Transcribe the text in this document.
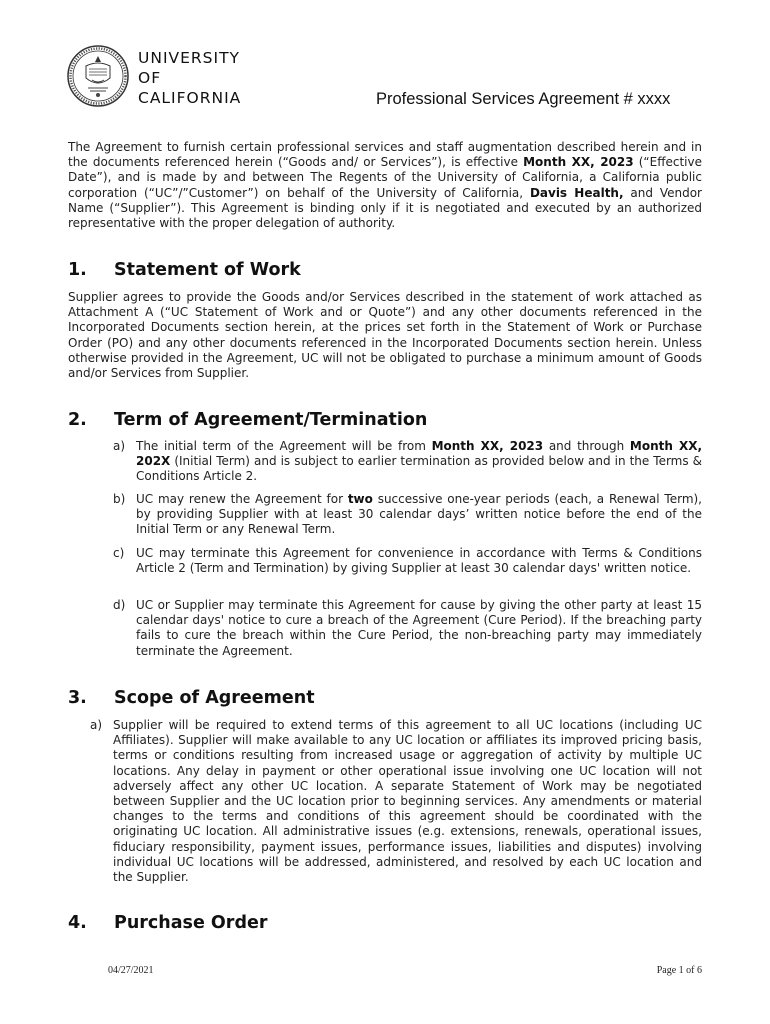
UNIVERSITY
OF
CALIFORNIA	Professional Services Agreement # xxxx
The Agreement to furnish certain professional services and staff augmentation described herein and in the documents referenced herein (“Goods and/ or Services”), is effective Month XX, 2023 (“Effective Date”), and is made by and between The Regents of the University of California, a California public corporation (“UC”/”Customer”) on behalf of the University of California, Davis Health, and Vendor Name (“Supplier”). This Agreement is binding only if it is negotiated and executed by an authorized representative with the proper delegation of authority.
1. Statement of Work
Supplier agrees to provide the Goods and/or Services described in the statement of work attached as Attachment A (“UC Statement of Work and or Quote”) and any other documents referenced in the Incorporated Documents section herein, at the prices set forth in the Statement of Work or Purchase Order (PO) and any other documents referenced in the Incorporated Documents section herein. Unless otherwise provided in the Agreement, UC will not be obligated to purchase a minimum amount of Goods and/or Services from Supplier.
2. Term of Agreement/Termination
a) The initial term of the Agreement will be from Month XX, 2023 and through Month XX, 202X (Initial Term) and is subject to earlier termination as provided below and in the Terms & Conditions Article 2.
b) UC may renew the Agreement for two successive one-year periods (each, a Renewal Term), by providing Supplier with at least 30 calendar days’ written notice before the end of the Initial Term or any Renewal Term.
c) UC may terminate this Agreement for convenience in accordance with Terms & Conditions Article 2 (Term and Termination) by giving Supplier at least 30 calendar days' written notice.
d) UC or Supplier may terminate this Agreement for cause by giving the other party at least 15 calendar days' notice to cure a breach of the Agreement (Cure Period). If the breaching party fails to cure the breach within the Cure Period, the non-breaching party may immediately terminate the Agreement.
3. Scope of Agreement
a) Supplier will be required to extend terms of this agreement to all UC locations (including UC Affiliates). Supplier will make available to any UC location or affiliates its improved pricing basis, terms or conditions resulting from increased usage or aggregation of activity by multiple UC locations. Any delay in payment or other operational issue involving one UC location will not adversely affect any other UC location. A separate Statement of Work may be negotiated between Supplier and the UC location prior to beginning services. Any amendments or material changes to the terms and conditions of this agreement should be coordinated with the originating UC location. All administrative issues (e.g. extensions, renewals, operational issues, fiduciary responsibility, payment issues, performance issues, liabilities and disputes) involving individual UC locations will be addressed, administered, and resolved by each UC location and the Supplier.
4. Purchase Order
04/27/2021	Page 1 of 6
